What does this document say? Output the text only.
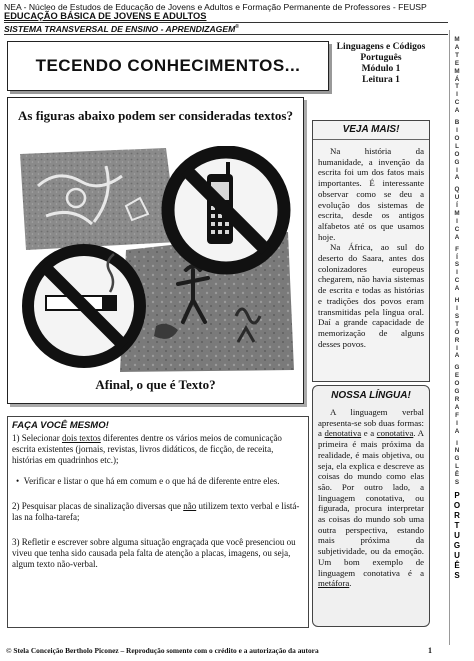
NEA - Núcleo de Estudos de Educação de Jovens e Adultos e Formação Permanente de Professores - FEUSP
EDUCAÇÃO BÁSICA DE JOVENS E ADULTOS
SISTEMA TRANSVERSAL DE ENSINO - APRENDIZAGEM®
TECENDO CONHECIMENTOS...
Linguagens e Códigos
Português
Módulo 1
Leitura 1
As figuras abaixo podem ser consideradas textos?
Afinal, o que é Texto?
VEJA MAIS!

Na história da humanidade, a invenção da escrita foi um dos fatos mais importantes. É interessante observar como se deu a evolução dos sistemas de escrita, desde os antigos alfabetos até os que usamos hoje.

Na África, ao sul do deserto do Saara, antes dos colonizadores europeus chegarem, não havia sistemas de escrita e todas as histórias e tradições dos povos eram transmitidas pela língua oral. Daí a grande capacidade de memorização de alguns desses povos.

NOSSA LÍNGUA!

A linguagem verbal apresenta-se sob duas formas: a denotativa e a conotativa. A primeira é mais próxima da realidade, é mais objetiva, ou seja, ela explica e descreve as coisas do mundo como elas são. Por outro lado, a linguagem conotativa, ou figurada, procura interpretar as coisas do mundo sob uma outra perspectiva, estando mais próxima da subjetividade, ou da emoção. Um bom exemplo de linguagem conotativa é a metáfora.

FAÇA VOCÊ MESMO!

1) Selecionar dois textos diferentes dentre os vários meios de comunicação escrita existentes (jornais, revistas, livros didáticos, de ficção, de receita, histórias em quadrinhos etc.);

• Verificar e listar o que há em comum e o que há de diferente entre eles.

2) Pesquisar placas de sinalização diversas que não utilizem texto verbal e listá-las na folha-tarefa;

3) Refletir e escrever sobre alguma situação engraçada que você presenciou ou viveu que tenha sido causada pela falta de atenção a placas, imagens, ou seja, algum texto não-verbal.

M
A
T
E
M
Á
T
I
C
A
B
I
O
L
O
G
I
A
Q
U
Í
M
I
C
A
F
Í
S
I
C
A
H
I
S
T
Ó
R
I
A
G
E
O
G
R
A
F
I
A
I
N
G
L
Ê
S
P
O
R
T
U
G
U
Ê
S
© Stela Conceição Bertholo Piconez – Reprodução somente com o crédito e a autorização da autora	1
